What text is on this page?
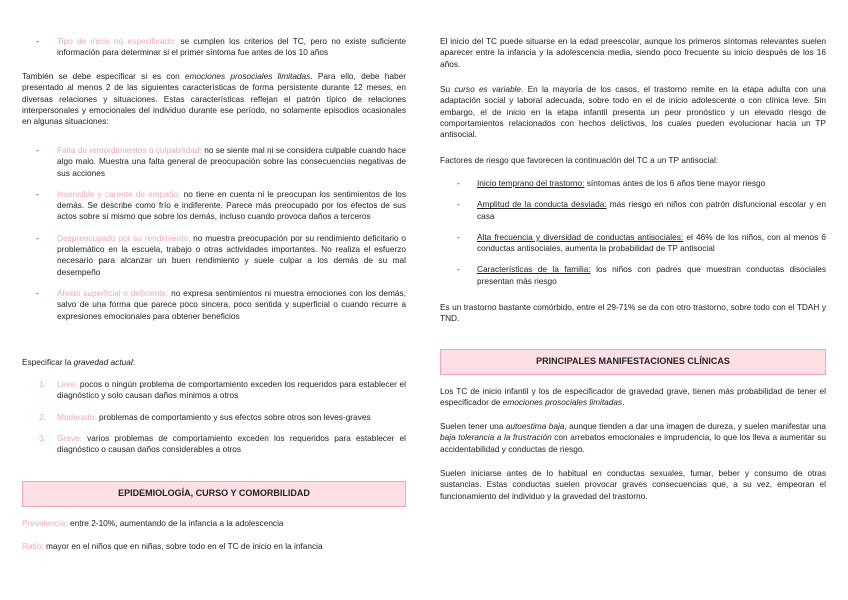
- Tipo de inicio no especificado: se cumplen los criterios del TC, pero no existe suficiente información para determinar si el primer síntoma fue antes de los 10 años

También se debe especificar si es con emociones prosociales limitadas. Para ello, debe haber presentado al menos 2 de las siguientes características de forma persistente durante 12 meses, en diversas relaciones y situaciones. Estas características reflejan el patrón típico de relaciones interpersonales y emocionales del individuo durante ese período, no solamente episodios ocasionales en algunas situaciones:

- Falta de remordimientos o culpabilidad: no se siente mal ni se considera culpable cuando hace algo malo. Muestra una falta general de preocupación sobre las consecuencias negativas de sus acciones
- Insensible y carente de empatía: no tiene en cuenta ni le preocupan los sentimientos de los demás. Se describe como frío e indiferente. Parece más preocupado por los efectos de sus actos sobre sí mismo que sobre los demás, incluso cuando provoca daños a terceros
- Despreocupado por su rendimiento: no muestra preocupación por su rendimiento deficitario o problemático en la escuela, trabajo o otras actividades importantes. No realiza el esfuerzo necesario para alcanzar un buen rendimiento y suele culpar a los demás de su mal desempeño
- Afecto superficial o deficiente: no expresa sentimientos ni muestra emociones con los demás, salvo de una forma que parece poco sincera, poco sentida y superficial o cuando recurre a expresiones emocionales para obtener beneficios

Especificar la gravedad actual:

1. Leve: pocos o ningún problema de comportamiento exceden los requeridos para establecer el diagnóstico y solo causan daños mínimos a otros
2. Moderado: problemas de comportamiento y sus efectos sobre otros son leves-graves
3. Grave: varios problemas de comportamiento exceden los requeridos para establecer el diagnóstico o causan daños considerables a otros
EPIDEMIOLOGÍA, CURSO Y COMORBILIDAD

Prevalencia: entre 2-10%, aumentando de la infancia a la adolescencia

Ratio: mayor en el niños que en niñas, sobre todo en el TC de inicio en la infancia

El inicio del TC puede situarse en la edad preescolar, aunque los primeros síntomas relevantes suelen aparecer entre la infancia y la adolescencia media, siendo poco frecuente su inicio después de los 16 años.

Su curso es variable. En la mayoría de los casos, el trastorno remite en la etapa adulta con una adaptación social y laboral adecuada, sobre todo en el de inicio adolescente o con clínica leve. Sin embargo, el de inicio en la etapa infantil presenta un peor pronóstico y un elevado riesgo de comportamientos relacionados con hechos delictivos, los cuales pueden evolucionar hacia un TP antisocial.

Factores de riesgo que favorecen la continuación del TC a un TP antisocial:

- Inicio temprano del trastorno: síntomas antes de los 6 años tiene mayor riesgo
- Amplitud de la conducta desviada: más riesgo en niños con patrón disfuncional escolar y en casa
- Alta frecuencia y diversidad de conductas antisociales: el 46% de los niños, con al menos 6 conductas antisociales, aumenta la probabilidad de TP antisocial
- Características de la familia: los niños con padres que muestran conductas disociales presentan más riesgo

Es un trastorno bastante comórbido, entre el 29-71% se da con otro trastorno, sobre todo con el TDAH y TND.

PRINCIPALES MANIFESTACIONES CLÍNICAS

Los TC de inicio infantil y los de especificador de gravedad grave, tienen más probabilidad de tener el especificador de emociones prosociales limitadas.

Suelen tener una autoestima baja, aunque tienden a dar una imagen de dureza, y suelen manifestar una baja tolerancia a la frustración con arrebatos emocionales e imprudencia, lo que los lleva a aumentar su accidentabilidad y conductas de riesgo.

Suelen iniciarse antes de lo habitual en conductas sexuales, fumar, beber y consumo de otras sustancias. Estas conductas suelen provocar graves consecuencias que, a su vez, empeoran el funcionamiento del individuo y la gravedad del trastorno.
